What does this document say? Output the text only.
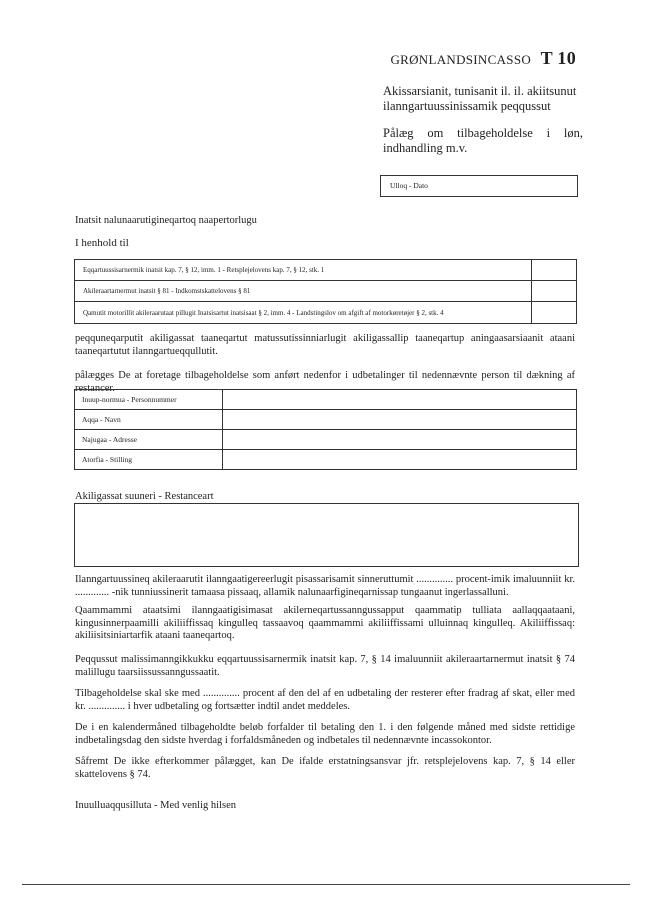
GRØNLANDSINCASSO T 10
Akissarsianit, tunisanit il. il. akiitsunut ilanngartuussinissamik peqqussut
Pålæg om tilbageholdelse i løn, indhandling m.v.
Ulloq - Dato
Inatsit nalunaarutigineqartoq naapertorlugu
I henhold til
Eqqartuussisarnermik inatsit kap. 7, § 12, imm. 1 - Retsplejelovens kap. 7, § 12, stk. 1	
Akileraartarnermut inatsit § 81 - Indkomstskattelovens § 81	
Qamutit motorillit akileraarutaat pillugit Inatsisartut inatsisaat § 2, imm. 4 - Landstingslov om afgift af motorkøretøjer § 2, stk. 4	
peqquneqarputit akiligassat taaneqartut matussutissinniarlugit akiligassallip taaneqartup aningaasarsiaanit ataani taaneqartutut ilanngartueqqullutit.
pålægges De at foretage tilbageholdelse som anført nedenfor i udbetalinger til nedennævnte person til dækning af restancer.
Inuup-normua - Personnummer	
Aqqa - Navn	
Najugaa - Adresse	
Atorfia - Stilling	
Akiligassat suuneri - Restanceart
Ilanngartuussineq akileraarutit ilanngaatigereerlugit pisassarisamit sinneruttumit .............. procent-imik imaluunniit kr. ............. -nik tunniussinerit tamaasa pissaaq, allamik nalunaarfigineqarnissap tungaanut ingerlassalluni.
Qaammammi ataatsimi ilanngaatigisimasat akilerneqartussanngussapput qaammatip tulliata aallaqqaataani, kingusinnerpaamilli akiliiffissaq kingulleq tassaavoq qaammammi akiliiffissami ulluinnaq kingulleq. Akiliiffissaq: akiliisitsiniartarfik ataani taaneqartoq.
Peqqussut malissimanngikkukku eqqartuussisarnermik inatsit kap. 7, § 14 imaluunniit akileraartarnermut inatsit § 74 malillugu taarsiissussanngussaatit.
Tilbageholdelse skal ske med .............. procent af den del af en udbetaling der resterer efter fradrag af skat, eller med kr. .............. i hver udbetaling og fortsætter indtil andet meddeles.
De i en kalendermåned tilbageholdte beløb forfalder til betaling den 1. i den følgende måned med sidste rettidige indbetalingsdag den sidste hverdag i forfaldsmåneden og indbetales til nedennævnte incassokontor.
Såfremt De ikke efterkommer pålægget, kan De ifalde erstatningsansvar jfr. retsplejelovens kap. 7, § 14 eller skattelovens § 74.
Inuulluaqqusilluta - Med venlig hilsen
